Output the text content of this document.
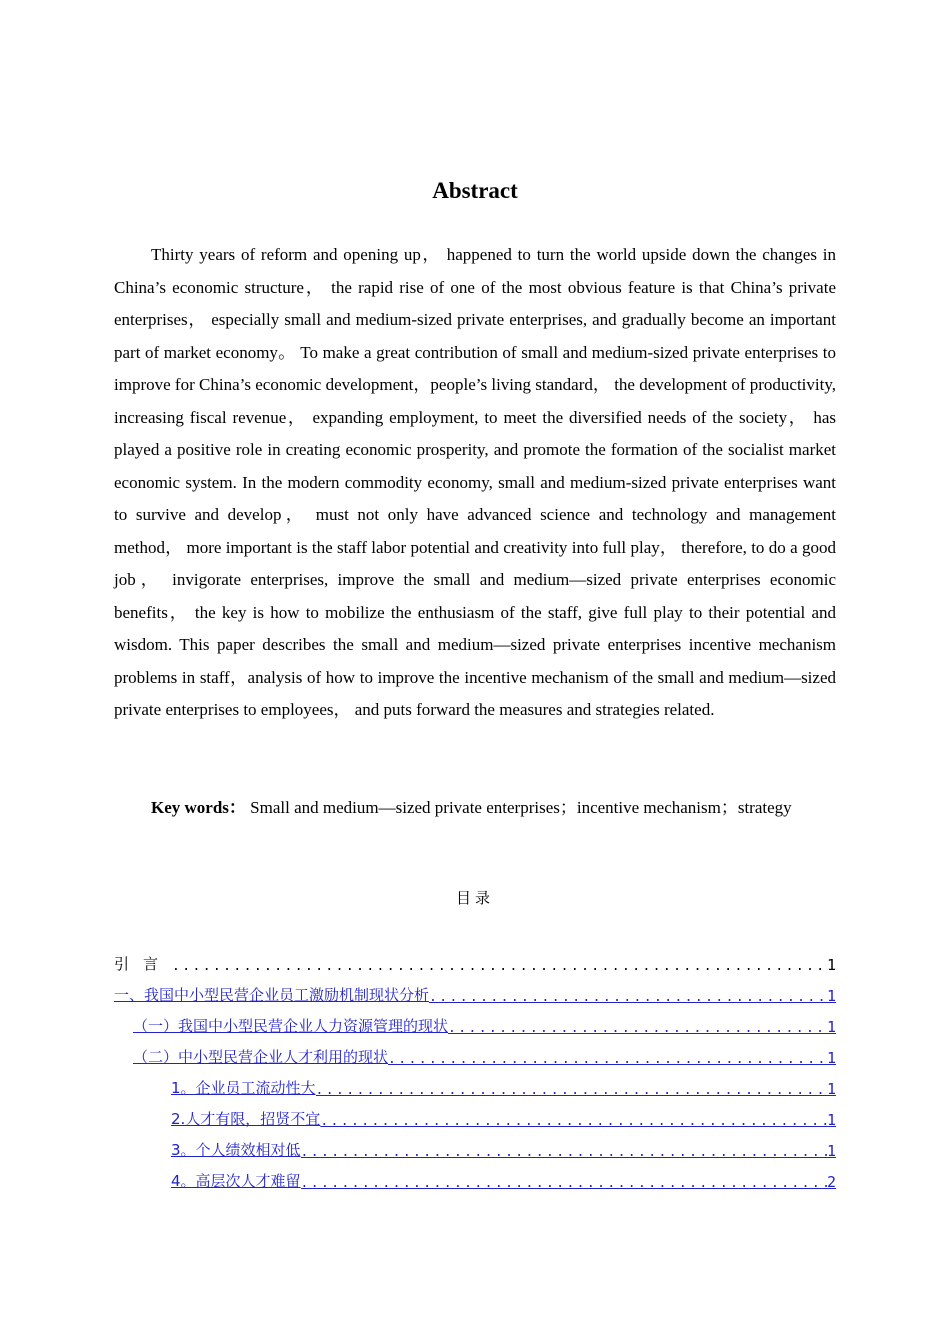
Abstract

Thirty years of reform and opening up， happened to turn the world upside down the changes in China’s economic structure， the rapid rise of one of the most obvious feature is that China’s private enterprises， especially small and medium-sized private enterprises, and gradually become an important part of market economy。 To make a great contribution of small and medium-sized private enterprises to improve for China’s economic development，people’s living standard， the development of productivity, increasing fiscal revenue， expanding employment, to meet the diversified needs of the society， has played a positive role in creating economic prosperity, and promote the formation of the socialist market economic system. In the modern commodity economy, small and medium-sized private enterprises want to survive and develop， must not only have advanced science and technology and management method， more important is the staff labor potential and creativity into full play， therefore, to do a good job， invigorate enterprises, improve the small and medium—sized private enterprises economic benefits， the key is how to mobilize the enthusiasm of the staff, give full play to their potential and wisdom. This paper describes the small and medium—sized private enterprises incentive mechanism problems in staff，analysis of how to improve the incentive mechanism of the small and medium—sized private enterprises to employees， and puts forward the measures and strategies related.

Key words： Small and medium—sized private enterprises；incentive mechanism；strategy

目录
引言 .....	1
一、我国中小型民营企业员工激励机制现状分析 .....	1
（一）我国中小型民营企业人力资源管理的现状 .....	1
（二）中小型民营企业人才利用的现状 .....	1
1。企业员工流动性大 .....	1
2.人才有限，招贤不宜 .....	1
3。个人绩效相对低 .....	1
4。高层次人才难留 .....	2
